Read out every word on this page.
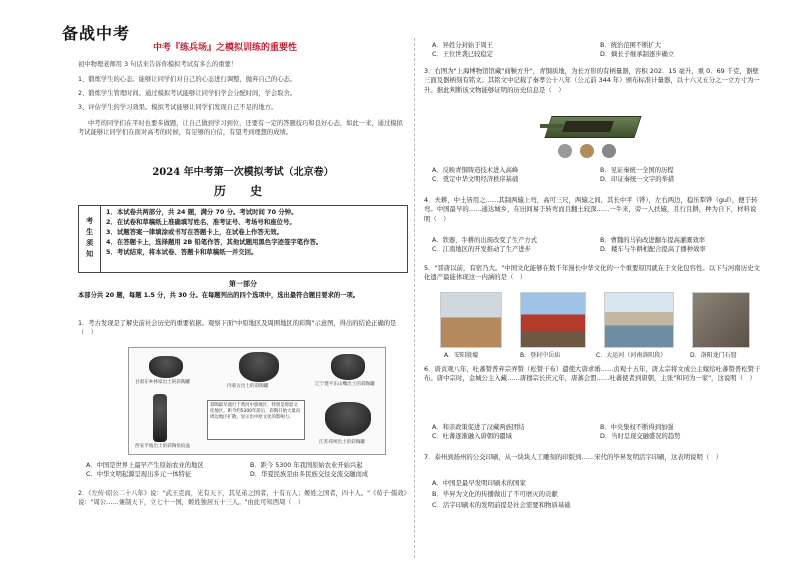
备战中考
中考『练兵场』之模拟训练的重要性
初中物理老师用 3 句话来告诉你模拟考试有多么的重要！
1、锻炼学生的心态。能够让同学们对自己的心态进行调整，抛弃自己的心态。
2、锻炼学生管理时间。通过模拟考试能够让同学们学会分配时间，学会取舍。
3、评估学生的学习效果。模拟考试能够让同学们发现自己不足的地方。
中考的同学们在平时也要多做题，让自己做到学习到位，还要有一定的答题技巧和良好心态，如此一来，通过模拟考试能够让同学们在面对高考的时候，有足够的自信，有望考到理想的成绩。
2024 年中考第一次模拟考试（北京卷）
历 史
考生须知
1．本试卷共两部分，共 24 题，满分 70 分。考试时间 70 分钟。
2．在试卷和草稿纸上准确填写姓名、准考证号、考场号和座位号。
3．试题答案一律填涂或书写在答题卡上，在试卷上作答无效。
4．在答题卡上，选择题用 2B 铅笔作答，其他试题用黑色字迹签字笔作答。
5．考试结束，将本试卷、答题卡和草稿纸一并交回。
第一部分
本部分共 20 题，每题 1.5 分，共 30 分。在每题列出的四个选项中，选出最符合题目要求的一项。
1．考古发现是了解史前社会历史的重要依据。观察下面"中原地区及周围地区的彩陶"示意图，得出的结论正确的是（　）
甘肃东乡林家出土的彩陶罐
内蒙古出土的彩陶罐
西安半坡出土的彩陶鱼纹盆
辽宁建平东山嘴出土的彩陶罐
江苏邳州出土的彩陶罐
彩陶最早流行于黄河中游地区，特别是仰韶文化地区。距今约5300年前后，彩陶开始大量向周边地区扩散，显示出中原文化的影响力。
A．中国是世界上最早产生原始农业的地区	B．距今 5300 年我国原始农业开始兴起
C．中华文明起源呈现出多元一体特征	D．华夏民族是由多民族交往交流交融而成
2．《左传·昭公二十八年》说："武王克商，光有天下，其兄弟之国者，十有五人；姬姓之国者，四十人。"《荀子·儒效》说："周公……兼制天下，立七十一国，姬姓独居五十三人。"由此可知西周（　）
A．异姓分封始于周王	B．统治范围不断扩大
C．王位世袭已较稳定	D．嫡长子继承制逐步确立
3．右图为"上海博物馆馆藏"商鞅方升"，青铜质地，为长方形的有柄量器，容积 202．15 毫升，重 0．69 千克，器壁三面及器柄刻有铭文。其铭文中记载了秦孝公十八年（公元前 344 年）颁布标准计量器，以十六又五分之一立方寸为一升。据此判断该文物能够证明的历史信息是（　）
A．反映青铜铸造技术进入高峰	B．见证秦统一全国的历程
C．奠定中华文明经济秩序基础	D．印证秦统一文字的举措
4．夫耕，中土皆用之……其制两辕上弯，高可三尺，两辕之间，其长中平（铧），左右两边，稳压犁铧（guǐ），便于转弯。中国最早的……通达城乡，在田间易于转弯而且翻土较深……一牛来，旁一人扶辕，且行且耕，种为自下，材料说明（　）
A．铁器、牛耕的出现改变了生产方式	B．曹魏的马钧改进翻车提高灌溉效率
C．江南地区的开发推动了生产进步	D．耧车与牛耕相配合提高了播种效率
5．"晋唐以前，有宿乃大。"中国文化能够在数千年漫长中华文化的一个重要原因就在于文化包容性。以下与河南历史文化遗产最能体现这一内涵的是（　）
A．安阳殷墟	B．登封中岳庙	C．大运河（河南洛阳段）	D．洛阳龙门石窟
6．唐贞观八年，吐蕃赞普弃宗弄赞（松赞干布）遣使大唐求婚……贞观十五年，唐太宗将文成公主嫁给吐蕃赞普松赞干布。唐中宗时，金城公主入藏……唐穆宗长庆元年，唐蕃会盟……吐蕃使者到唐朝，主张"和同为一家"，这说明（　）
A．和亲政策促进了汉藏两族团结	B．中央集权不断得到加强
C．吐蕃逐渐融入唐朝的疆域	D．当时呈现交融盛况的趋势
7．泰州到扬州的公交印刷，从一块块人工雕刻的印版到……宋代的毕昇发明活字印刷，这表明说明（　）
A．中国是最早发明印刷术的国家
B．毕昇为文化的传播做出了不可磨灭的贡献
C．活字印刷术的发明前提是社会需要和物质基础
